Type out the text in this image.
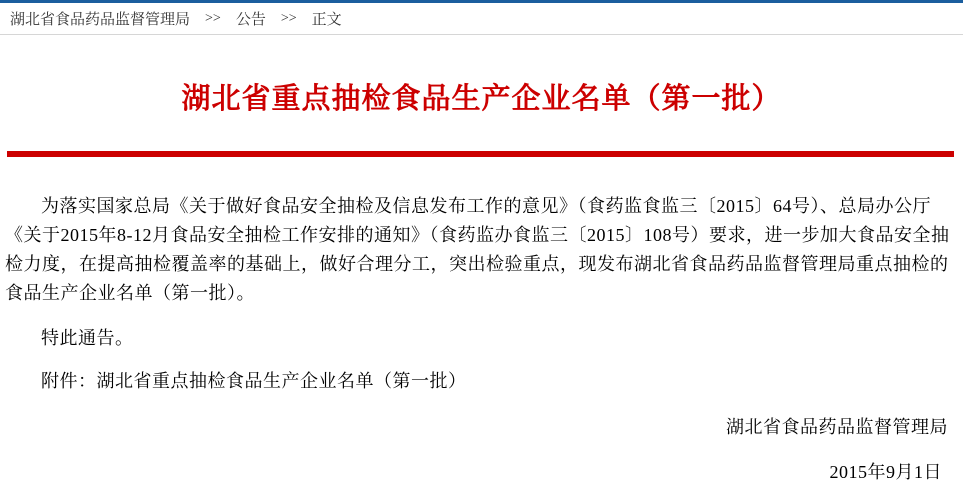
湖北省食品药品监督管理局 >> 公告 >> 正文
湖北省重点抽检食品生产企业名单（第一批）

为落实国家总局《关于做好食品安全抽检及信息发布工作的意见》（食药监食监三〔2015〕64号）、总局办公厅《关于2015年8-12月食品安全抽检工作安排的通知》（食药监办食监三〔2015〕108号）要求，进一步加大食品安全抽检力度，在提高抽检覆盖率的基础上，做好合理分工，突出检验重点，现发布湖北省食品药品监督管理局重点抽检的食品生产企业名单（第一批）。

特此通告。

附件：湖北省重点抽检食品生产企业名单（第一批）

湖北省食品药品监督管理局

2015年9月1日
